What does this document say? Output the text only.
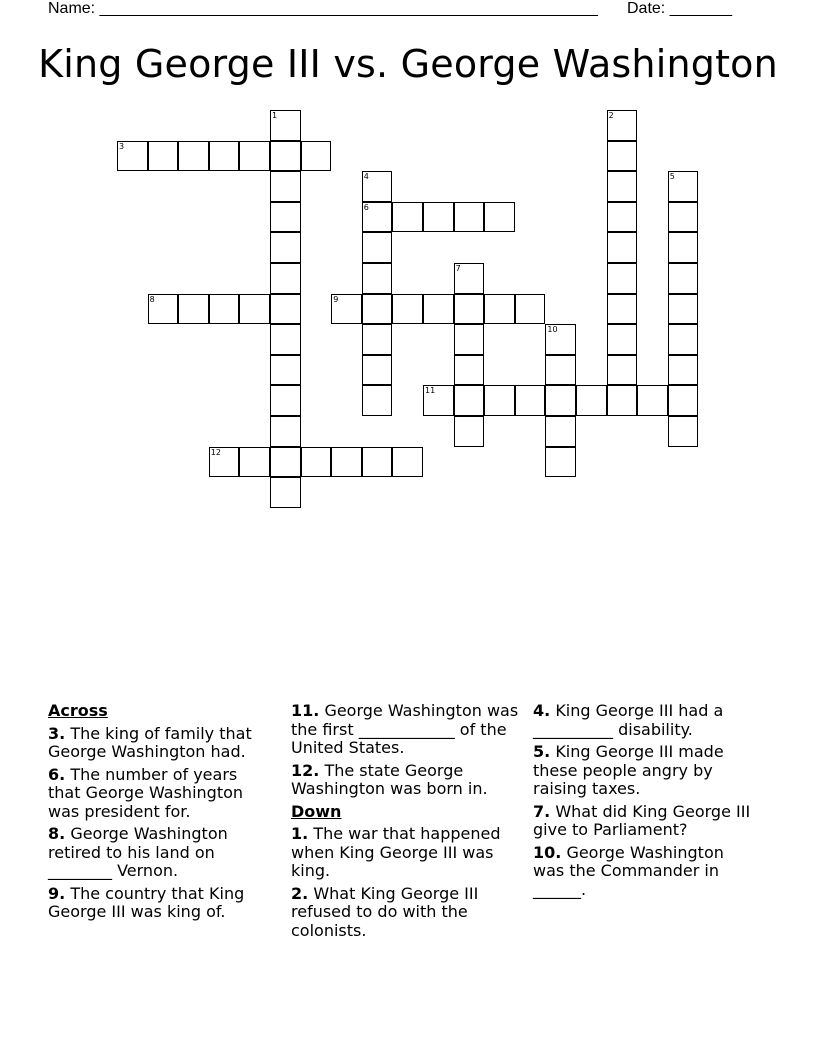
Name: ________________________________________________________ Date: _______
King George III vs. George Washington
1	2
3
4	5
6
7
8	9
10
11
12
Across
3. The king of family that George Washington had.
6. The number of years that George Washington was president for.
8. George Washington retired to his land on ________ Vernon.
9. The country that King George III was king of.
11. George Washington was the first ____________ of the United States.
12. The state George Washington was born in.
Down
1. The war that happened when King George III was king.
2. What King George III refused to do with the colonists.
4. King George III had a __________ disability.
5. King George III made these people angry by raising taxes.
7. What did King George III give to Parliament?
10. George Washington was the Commander in ______.
